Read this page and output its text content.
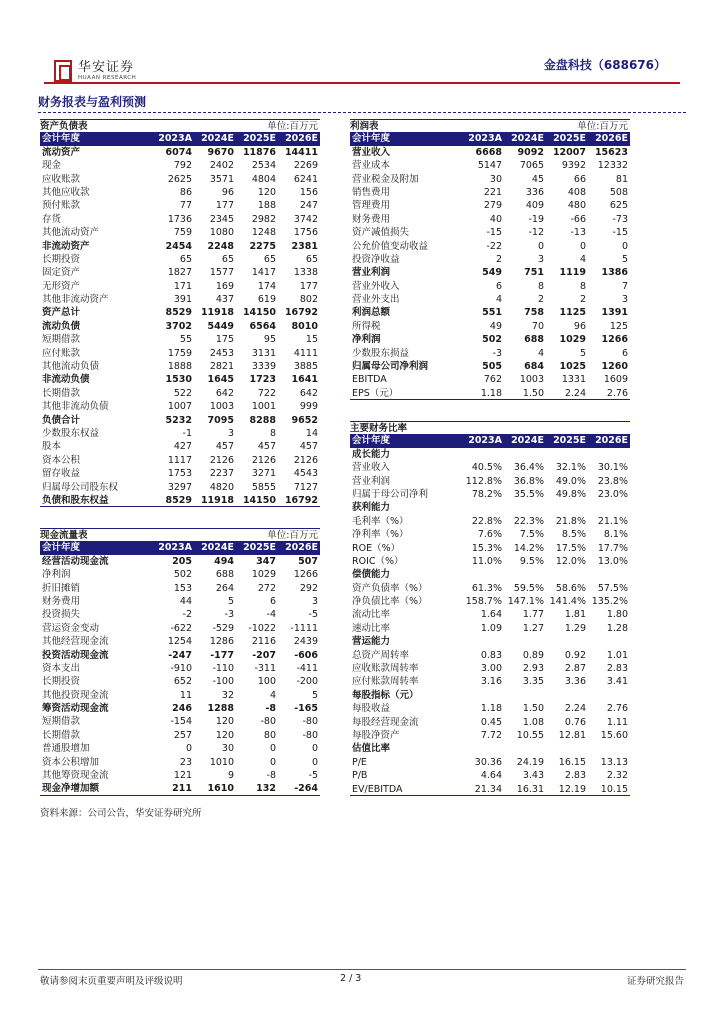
华安证券
HUAAN RESEARCH
金盘科技（688676）
财务报表与盈利预测
资产负债表	单位:百万元
会计年度	2023A 2024E 2025E 2026E
流动资产	6074	9670 11876 14411
现金	792	2402	2534	2269
应收账款	2625	3571	4804	6241
其他应收款	86	96	120	156
预付账款	77	177	188	247
存货	1736	2345	2982	3742
其他流动资产	759	1080	1248	1756
非流动资产	2454	2248	2275	2381
长期投资	65	65	65	65
固定资产	1827	1577	1417	1338
无形资产	171	169	174	177
其他非流动资产	391	437	619	802
资产总计	8529 11918 14150 16792
流动负债	3702	5449	6564	8010
短期借款	55	175	95	15
应付账款	1759	2453	3131	4111
其他流动负债	1888	2821	3339	3885
非流动负债	1530	1645	1723	1641
长期借款	522	642	722	642
其他非流动负债	1007	1003	1001	999
负债合计	5232	7095	8288	9652
少数股东权益	-1	3	8	14
股本	427	457	457	457
资本公积	1117	2126	2126	2126
留存收益	1753	2237	3271	4543
归属母公司股东权	3297	4820	5855	7127
负债和股东权益	8529 11918 14150 16792
现金流量表	单位:百万元
会计年度	2023A 2024E 2025E 2026E
经营活动现金流	205	494	347	507
净利润	502	688	1029	1266
折旧摊销	153	264	272	292
财务费用	44	5	6	3
投资损失	-2	-3	-4	-5
营运资金变动	-622	-529	-1022	-1111
其他经营现金流	1254	1286	2116	2439
投资活动现金流	-247	-177	-207	-606
资本支出	-910	-110	-311	-411
长期投资	652	-100	100	-200
其他投资现金流	11	32	4	5
筹资活动现金流	246	1288	-8	-165
短期借款	-154	120	-80	-80
长期借款	257	120	80	-80
普通股增加	0	30	0	0
资本公积增加	23	1010	0	0
其他筹资现金流	121	9	-8	-5
现金净增加额	211	1610	132	-264
利润表	单位:百万元
会计年度	2023A 2024E 2025E 2026E
营业收入	6668	9092 12007 15623
营业成本	5147	7065	9392	12332
营业税金及附加	30	45	66	81
销售费用	221	336	408	508
管理费用	279	409	480	625
财务费用	40	-19	-66	-73
资产减值损失	-15	-12	-13	-15
公允价值变动收益	-22	0	0	0
投资净收益	2	3	4	5
营业利润	549	751	1119	1386
营业外收入	6	8	8	7
营业外支出	4	2	2	3
利润总额	551	758	1125	1391
所得税	49	70	96	125
净利润	502	688	1029	1266
少数股东损益	-3	4	5	6
归属母公司净利润	505	684	1025	1260
EBITDA	762	1003	1331	1609
EPS（元）	1.18	1.50	2.24	2.76
主要财务比率
会计年度	2023A 2024E 2025E 2026E
成长能力
营业收入	40.5%	36.4%	32.1%	30.1%
营业利润	112.8%	36.8%	49.0%	23.8%
归属于母公司净利	78.2%	35.5%	49.8%	23.0%
获利能力
毛利率（%）	22.8%	22.3%	21.8%	21.1%
净利率（%）	7.6%	7.5%	8.5%	8.1%
ROE（%）	15.3%	14.2%	17.5%	17.7%
ROIC（%）	11.0%	9.5%	12.0%	13.0%
偿债能力
资产负债率（%）	61.3%	59.5%	58.6%	57.5%
净负债比率（%）	158.7% 147.1% 141.4% 135.2%
流动比率	1.64	1.77	1.81	1.80
速动比率	1.09	1.27	1.29	1.28
营运能力
总资产周转率	0.83	0.89	0.92	1.01
应收账款周转率	3.00	2.93	2.87	2.83
应付账款周转率	3.16	3.35	3.36	3.41
每股指标（元）
每股收益	1.18	1.50	2.24	2.76
每股经营现金流	0.45	1.08	0.76	1.11
每股净资产	7.72	10.55	12.81	15.60
估值比率
P/E	30.36	24.19	16.15	13.13
P/B	4.64	3.43	2.83	2.32
EV/EBITDA	21.34	16.31	12.19	10.15
资料来源：公司公告，华安证券研究所
敬请参阅末页重要声明及评级说明	2 / 3	证券研究报告
